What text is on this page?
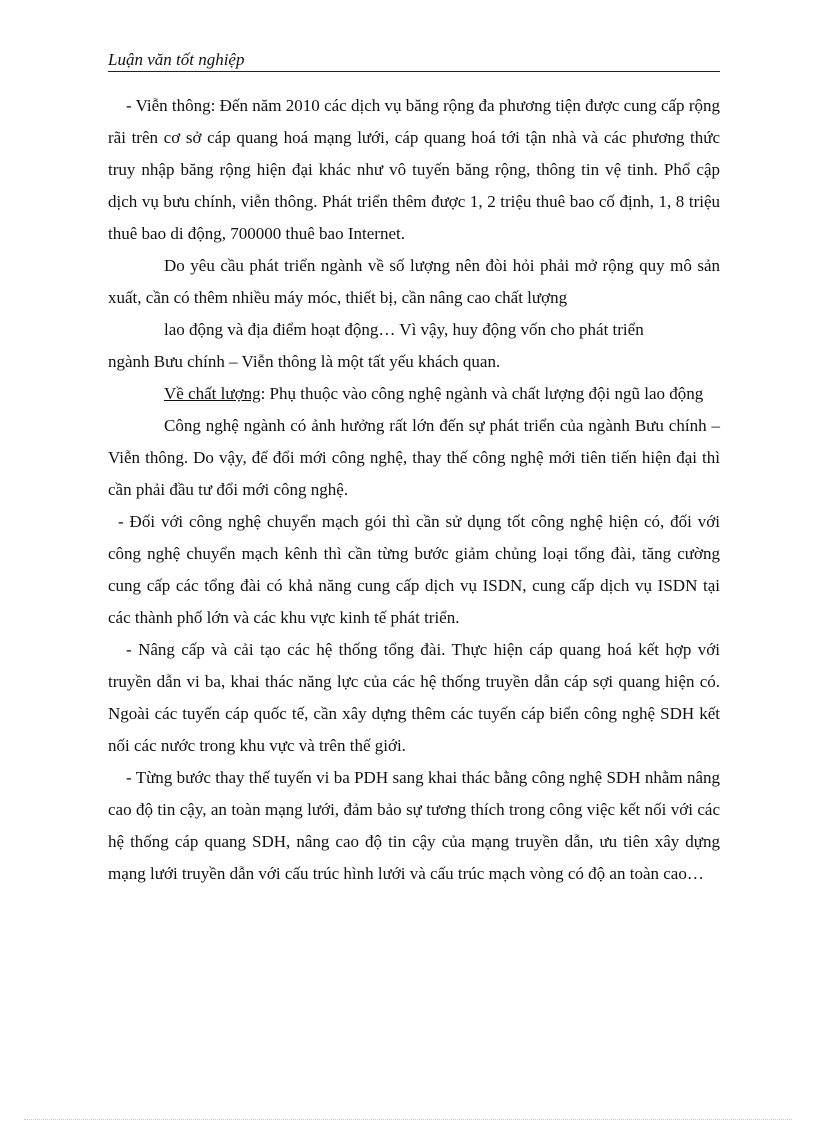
Luận văn tốt nghiệp

- Viễn thông: Đến năm 2010 các dịch vụ băng rộng đa phương tiện được cung cấp rộng rãi trên cơ sở cáp quang hoá mạng lưới, cáp quang hoá tới tận nhà và các phương thức truy nhập băng rộng hiện đại khác như vô tuyến băng rộng, thông tin vệ tinh. Phổ cập dịch vụ bưu chính, viễn thông. Phát triển thêm được 1, 2 triệu thuê bao cố định, 1, 8 triệu thuê bao di động, 700000 thuê bao Internet.

Do yêu cầu phát triển ngành về số lượng nên đòi hỏi phải mở rộng quy mô sản xuất, cần có thêm nhiều máy móc, thiết bị, cần nâng cao chất lượng

lao động và địa điểm hoạt động… Vì vậy, huy động vốn cho phát triển

ngành Bưu chính – Viễn thông là một tất yếu khách quan.

Về chất lượng: Phụ thuộc vào công nghệ ngành và chất lượng đội ngũ lao động

Công nghệ ngành có ảnh hưởng rất lớn đến sự phát triển của ngành Bưu chính – Viễn thông. Do vậy, để đổi mới công nghệ, thay thế công nghệ mới tiên tiến hiện đại thì cần phải đầu tư đổi mới công nghệ.

- Đối với công nghệ chuyển mạch gói thì cần sử dụng tốt công nghệ hiện có, đối với công nghệ chuyển mạch kênh thì cần từng bước giảm chủng loại tổng đài, tăng cường cung cấp các tổng đài có khả năng cung cấp dịch vụ ISDN, cung cấp dịch vụ ISDN tại các thành phố lớn và các khu vực kinh tế phát triển.

- Nâng cấp và cải tạo các hệ thống tổng đài. Thực hiện cáp quang hoá kết hợp với truyền dẫn vi ba, khai thác năng lực của các hệ thống truyền dẫn cáp sợi quang hiện có. Ngoài các tuyến cáp quốc tế, cần xây dựng thêm các tuyến cáp biển công nghệ SDH kết nối các nước trong khu vực và trên thế giới.

- Từng bước thay thế tuyến vi ba PDH sang khai thác bằng công nghệ SDH nhằm nâng cao độ tin cậy, an toàn mạng lưới, đảm bảo sự tương thích trong công việc kết nối với các hệ thống cáp quang SDH, nâng cao độ tin cậy của mạng truyền dẫn, ưu tiên xây dựng mạng lưới truyền dẫn với cấu trúc hình lưới và cấu trúc mạch vòng có độ an toàn cao…
